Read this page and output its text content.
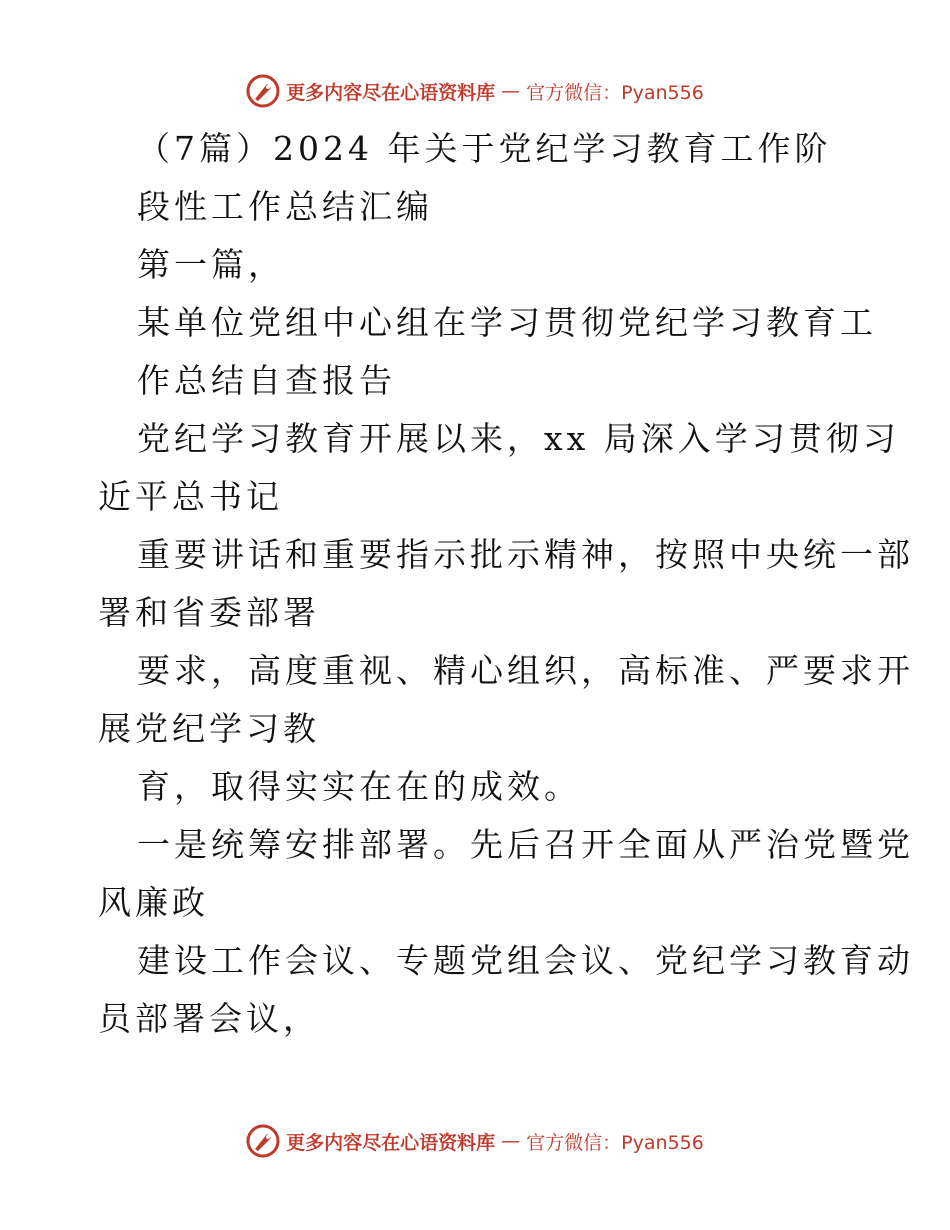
更多内容尽在心语资料库 — 官方微信：Pyan556
（7篇）2024 年关于党纪学习教育工作阶
段性工作总结汇编
第一篇，
某单位党组中心组在学习贯彻党纪学习教育工
作总结自查报告
党纪学习教育开展以来，xx 局深入学习贯彻习
近平总书记
重要讲话和重要指示批示精神，按照中央统一部
署和省委部署
要求，高度重视、精心组织，高标准、严要求开
展党纪学习教
育，取得实实在在的成效。
一是统筹安排部署。先后召开全面从严治党暨党
风廉政
建设工作会议、专题党组会议、党纪学习教育动
员部署会议，
更多内容尽在心语资料库 — 官方微信：Pyan556
